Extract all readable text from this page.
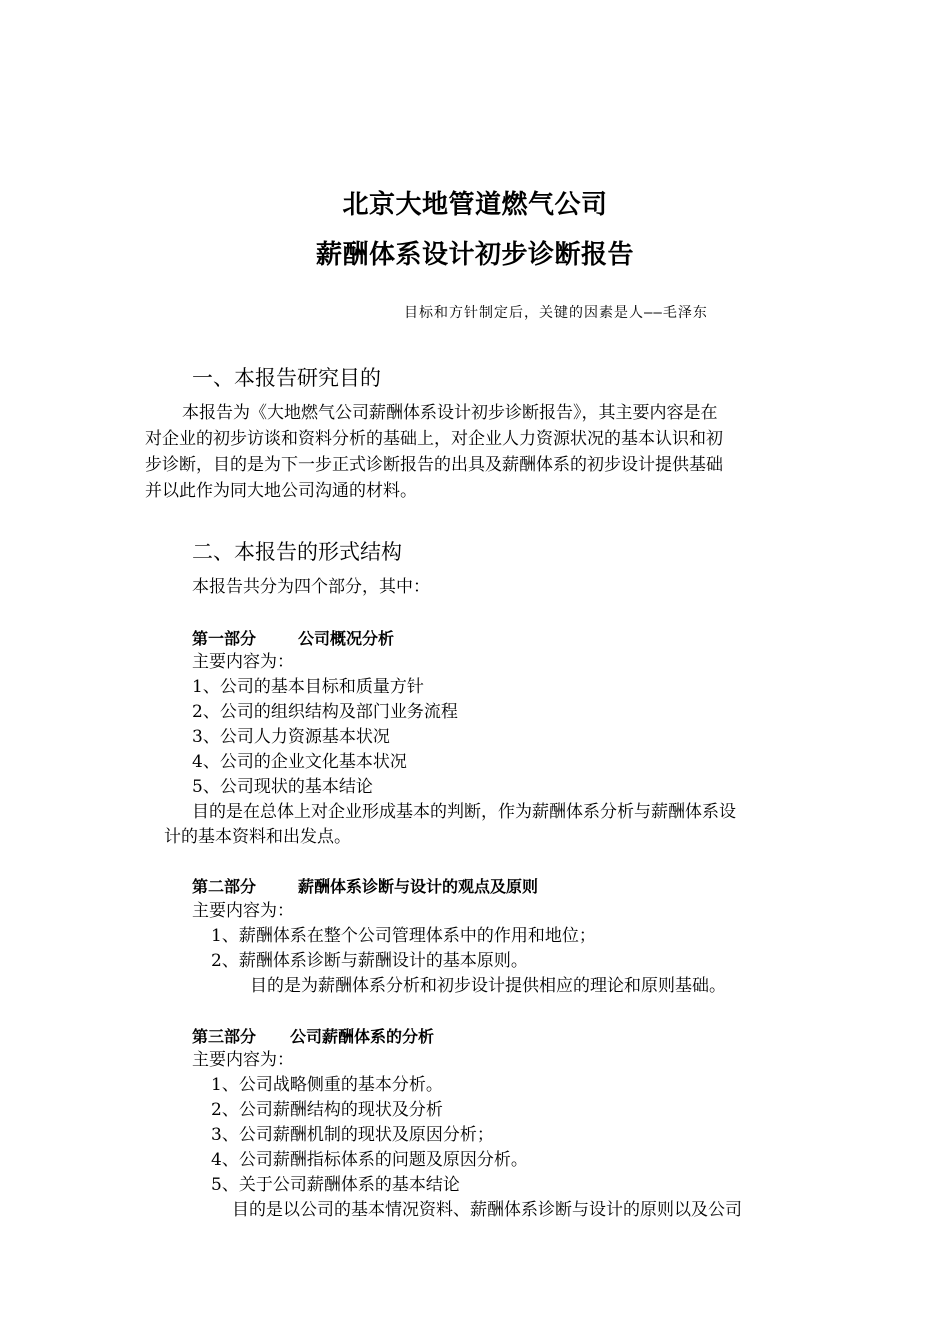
北京大地管道燃气公司
薪酬体系设计初步诊断报告
目标和方针制定后，关键的因素是人——毛泽东
一、本报告研究目的
本报告为《大地燃气公司薪酬体系设计初步诊断报告》，其主要内容是在
对企业的初步访谈和资料分析的基础上，对企业人力资源状况的基本认识和初
步诊断，目的是为下一步正式诊断报告的出具及薪酬体系的初步设计提供基础
并以此作为同大地公司沟通的材料。
二、本报告的形式结构
本报告共分为四个部分，其中：
第一部分	公司概况分析
主要内容为：
1、公司的基本目标和质量方针
2、公司的组织结构及部门业务流程
3、公司人力资源基本状况
4、公司的企业文化基本状况
5、公司现状的基本结论
目的是在总体上对企业形成基本的判断，作为薪酬体系分析与薪酬体系设
计的基本资料和出发点。
第二部分	薪酬体系诊断与设计的观点及原则
主要内容为：
1、薪酬体系在整个公司管理体系中的作用和地位；
2、薪酬体系诊断与薪酬设计的基本原则。
目的是为薪酬体系分析和初步设计提供相应的理论和原则基础。
第三部分 公司薪酬体系的分析
主要内容为：
1、公司战略侧重的基本分析。
2、公司薪酬结构的现状及分析
3、公司薪酬机制的现状及原因分析；
4、公司薪酬指标体系的问题及原因分析。
5、关于公司薪酬体系的基本结论
目的是以公司的基本情况资料、薪酬体系诊断与设计的原则以及公司
